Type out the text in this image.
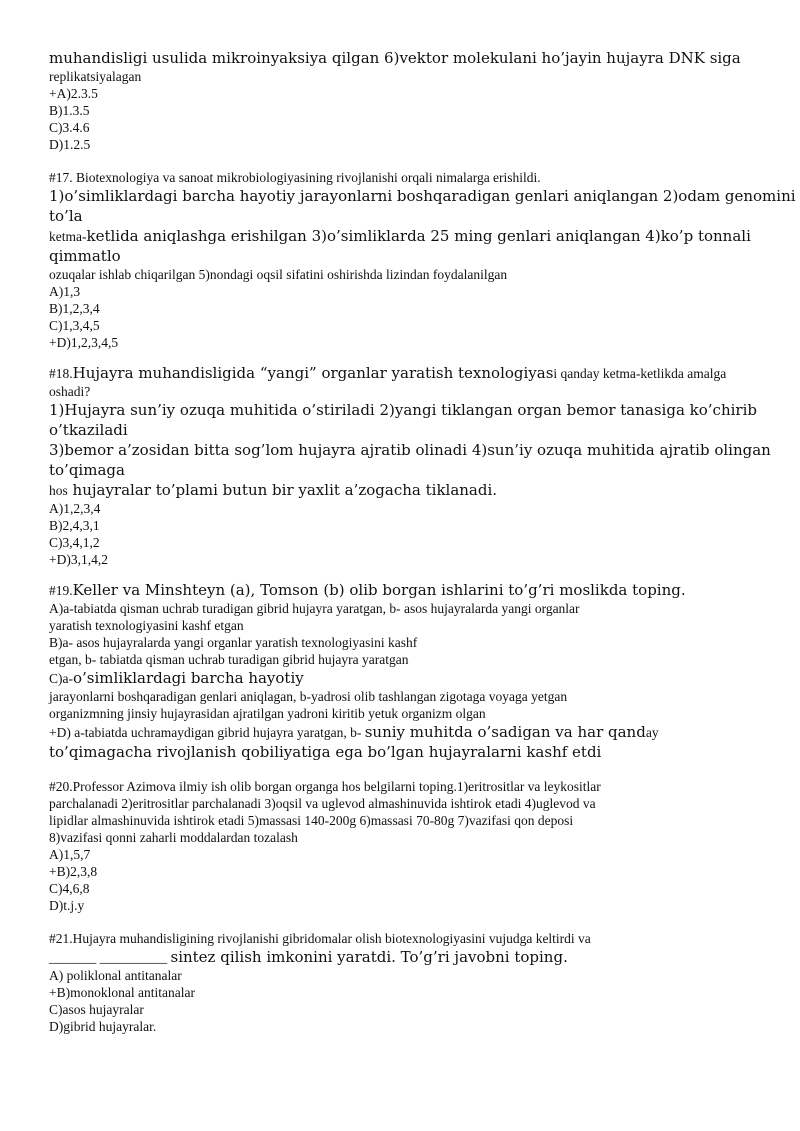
muhandisligi usulida mikroinyaksiya qilgan 6)vektor molekulani ho’jayin hujayra DNK siga
replikatsiyalagan
+A)2.3.5
B)1.3.5
C)3.4.6
D)1.2.5
#17. Biotexnologiya va sanoat mikrobiologiyasining rivojlanishi orqali nimalarga erishildi.
1)o’simliklardagi barcha hayotiy jarayonlarni boshqaradigan genlari aniqlangan 2)odam genomini
to’la
ketma-ketlida aniqlashga erishilgan 3)o’simliklarda 25 ming genlari aniqlangan 4)ko’p tonnali
qimmatlo
ozuqalar ishlab chiqarilgan 5)nondagi oqsil sifatini oshirishda lizindan foydalanilgan
A)1,3
B)1,2,3,4
C)1,3,4,5
+D)1,2,3,4,5
#18.Hujayra muhandisligida “yangi” organlar yaratish texnologiyasi qanday ketma-ketlikda amalga
oshadi?
1)Hujayra sun’iy ozuqa muhitida o’stiriladi 2)yangi tiklangan organ bemor tanasiga ko’chirib
o’tkaziladi
3)bemor a’zosidan bitta sog’lom hujayra ajratib olinadi 4)sun’iy ozuqa muhitida ajratib olingan
to’qimaga
hos hujayralar to’plami butun bir yaxlit a’zogacha tiklanadi.
A)1,2,3,4
B)2,4,3,1
C)3,4,1,2
+D)3,1,4,2
#19.Keller va Minshteyn (a), Tomson (b) olib borgan ishlarini to’g’ri moslikda toping.
A)a-tabiatda qisman uchrab turadigan gibrid hujayra yaratgan, b- asos hujayralarda yangi organlar
yaratish texnologiyasini kashf etgan
B)a- asos hujayralarda yangi organlar yaratish texnologiyasini kashf
etgan, b- tabiatda qisman uchrab turadigan gibrid hujayra yaratgan
C)a-o’simliklardagi barcha hayotiy
jarayonlarni boshqaradigan genlari aniqlagan, b-yadrosi olib tashlangan zigotaga voyaga yetgan
organizmning jinsiy hujayrasidan ajratilgan yadroni kiritib yetuk organizm olgan
+D) a-tabiatda uchramaydigan gibrid hujayra yaratgan, b- suniy muhitda o’sadigan va har qanday
to’qimagacha rivojlanish qobiliyatiga ega bo’lgan hujayralarni kashf etdi
#20.Professor Azimova ilmiy ish olib borgan organga hos belgilarni toping.1)eritrositlar va leykositlar
parchalanadi 2)eritrositlar parchalanadi 3)oqsil va uglevod almashinuvida ishtirok etadi 4)uglevod va
lipidlar almashinuvida ishtirok etadi 5)massasi 140-200g 6)massasi 70-80g 7)vazifasi qon deposi
8)vazifasi qonni zaharli moddalardan tozalash
A)1,5,7
+B)2,3,8
C)4,6,8
D)t.j.y
#21.Hujayra muhandisligining rivojlanishi gibridomalar olish biotexnologiyasini vujudga keltirdi va
_______ __________ sintez qilish imkonini yaratdi. To’g’ri javobni toping.
A) poliklonal antitanalar
+B)monoklonal antitanalar
C)asos hujayralar
D)gibrid hujayralar.
